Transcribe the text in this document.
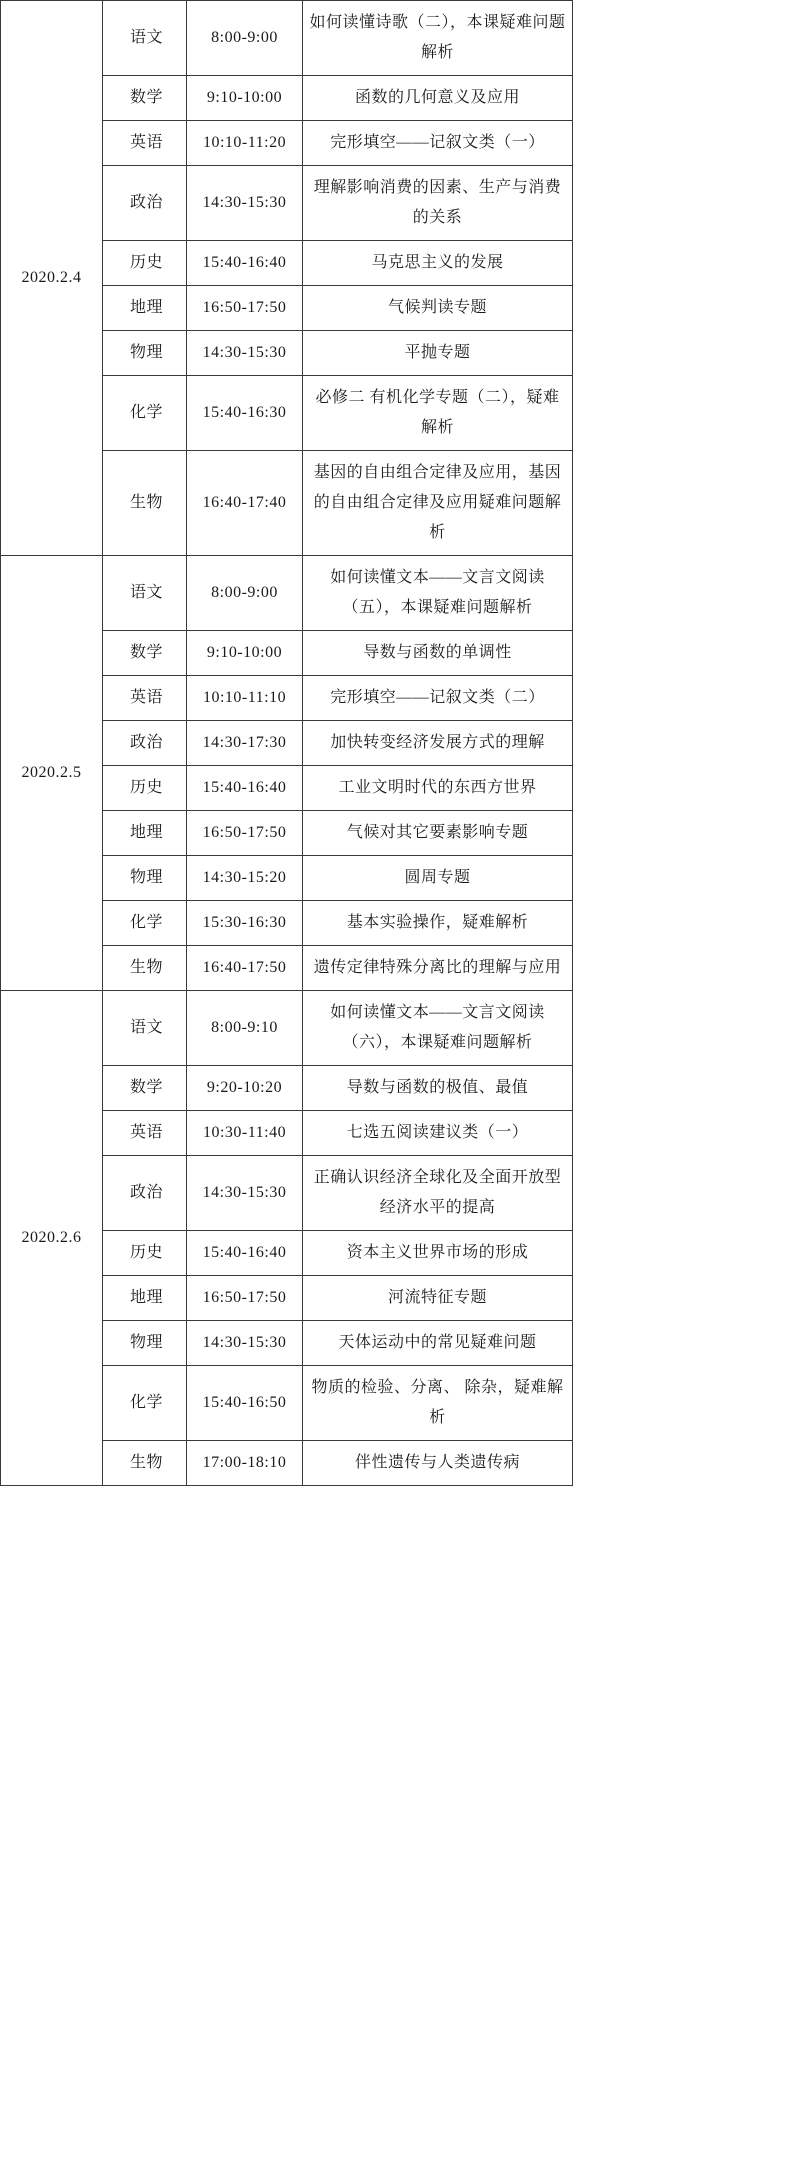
2020.2.4	语文	8:00-9:00	如何读懂诗歌（二），本课疑难问题解析
	数学	9:10-10:00	函数的几何意义及应用
	英语	10:10-11:20	完形填空——记叙文类（一）
	政治	14:30-15:30	理解影响消费的因素、生产与消费的关系
	历史	15:40-16:40	马克思主义的发展
	地理	16:50-17:50	气候判读专题
	物理	14:30-15:30	平抛专题
	化学	15:40-16:30	必修二 有机化学专题（二），疑难解析
	生物	16:40-17:40	基因的自由组合定律及应用，基因的自由组合定律及应用疑难问题解析
2020.2.5	语文	8:00-9:00	如何读懂文本——文言文阅读（五），本课疑难问题解析
	数学	9:10-10:00	导数与函数的单调性
	英语	10:10-11:10	完形填空——记叙文类（二）
	政治	14:30-17:30	加快转变经济发展方式的理解
	历史	15:40-16:40	工业文明时代的东西方世界
	地理	16:50-17:50	气候对其它要素影响专题
	物理	14:30-15:20	圆周专题
	化学	15:30-16:30	基本实验操作，疑难解析
	生物	16:40-17:50	遗传定律特殊分离比的理解与应用
2020.2.6	语文	8:00-9:10	如何读懂文本——文言文阅读（六），本课疑难问题解析
	数学	9:20-10:20	导数与函数的极值、最值
	英语	10:30-11:40	七选五阅读建议类（一）
	政治	14:30-15:30	正确认识经济全球化及全面开放型经济水平的提高
	历史	15:40-16:40	资本主义世界市场的形成
	地理	16:50-17:50	河流特征专题
	物理	14:30-15:30	天体运动中的常见疑难问题
	化学	15:40-16:50	物质的检验、分离、 除杂，疑难解析
	生物	17:00-18:10	伴性遗传与人类遗传病
